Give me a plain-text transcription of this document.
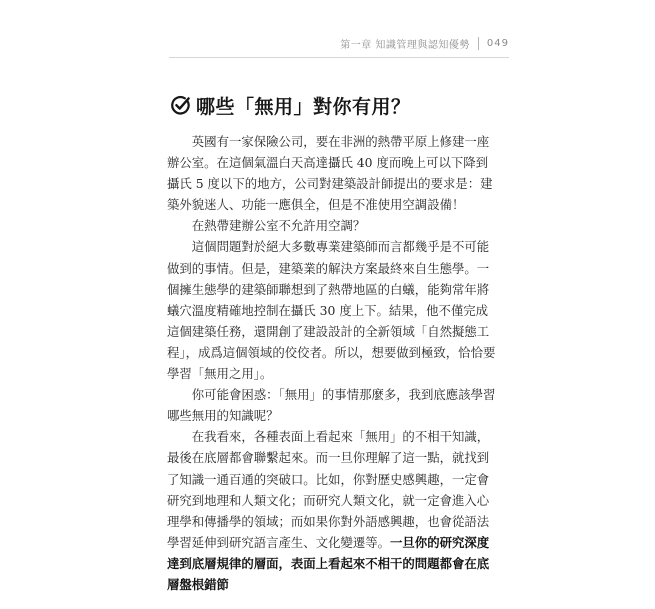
第一章 知識管理與認知優勢 049
哪些「無用」對你有用？

英國有一家保險公司，要在非洲的熱帶平原上修建一座辦公室。在這個氣溫白天高達攝氏 40 度而晚上可以下降到攝氏 5 度以下的地方，公司對建築設計師提出的要求是：建築外貌迷人、功能一應俱全，但是不准使用空調設備！

在熱帶建辦公室不允許用空調？

這個問題對於絕大多數專業建築師而言都幾乎是不可能做到的事情。但是，建築業的解決方案最終來自生態學。一個擁生態學的建築師聯想到了熱帶地區的白蟻，能夠常年將蟻穴溫度精確地控制在攝氏 30 度上下。結果，他不僅完成這個建築任務，還開創了建設設計的全新領域「自然擬態工程」，成爲這個領域的佼佼者。所以，想要做到極致，恰恰要學習「無用之用」。

你可能會困惑：「無用」的事情那麼多，我到底應該學習哪些無用的知識呢？

在我看來，各種表面上看起來「無用」的不相干知識，最後在底層都會聯繫起來。而一旦你理解了這一點，就找到了知識一通百通的突破口。比如，你對歷史感興趣，一定會研究到地理和人類文化；而研究人類文化，就一定會進入心理學和傳播學的領域；而如果你對外語感興趣，也會從語法學習延伸到研究語言產生、文化變遷等。一旦你的研究深度達到底層規律的層面，表面上看起來不相干的問題都會在底層盤根錯節
